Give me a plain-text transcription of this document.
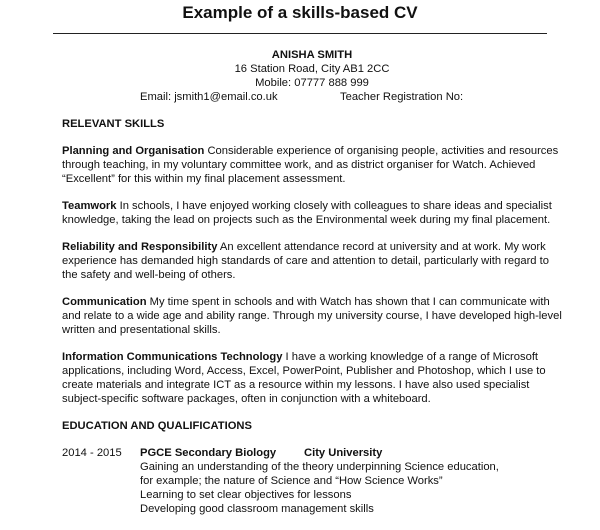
Example of a skills-based CV
ANISHA SMITH
16 Station Road, City AB1 2CC
Mobile: 07777 888 999
Email: jsmith1@email.co.uk	Teacher Registration No:
RELEVANT SKILLS
Planning and Organisation Considerable experience of organising people, activities and resources through teaching, in my voluntary committee work, and as district organiser for Watch. Achieved “Excellent” for this within my final placement assessment.
Teamwork In schools, I have enjoyed working closely with colleagues to share ideas and specialist knowledge, taking the lead on projects such as the Environmental week during my final placement.
Reliability and Responsibility An excellent attendance record at university and at work. My work experience has demanded high standards of care and attention to detail, particularly with regard to the safety and well-being of others.
Communication My time spent in schools and with Watch has shown that I can communicate with and relate to a wide age and ability range. Through my university course, I have developed high-level written and presentational skills.
Information Communications Technology I have a working knowledge of a range of Microsoft applications, including Word, Access, Excel, PowerPoint, Publisher and Photoshop, which I use to create materials and integrate ICT as a resource within my lessons. I have also used specialist subject-specific software packages, often in conjunction with a whiteboard.
EDUCATION AND QUALIFICATIONS
2014 - 2015 PGCE Secondary Biology City University
Gaining an understanding of the theory underpinning Science education,
for example; the nature of Science and “How Science Works”
Learning to set clear objectives for lessons
Developing good classroom management skills
